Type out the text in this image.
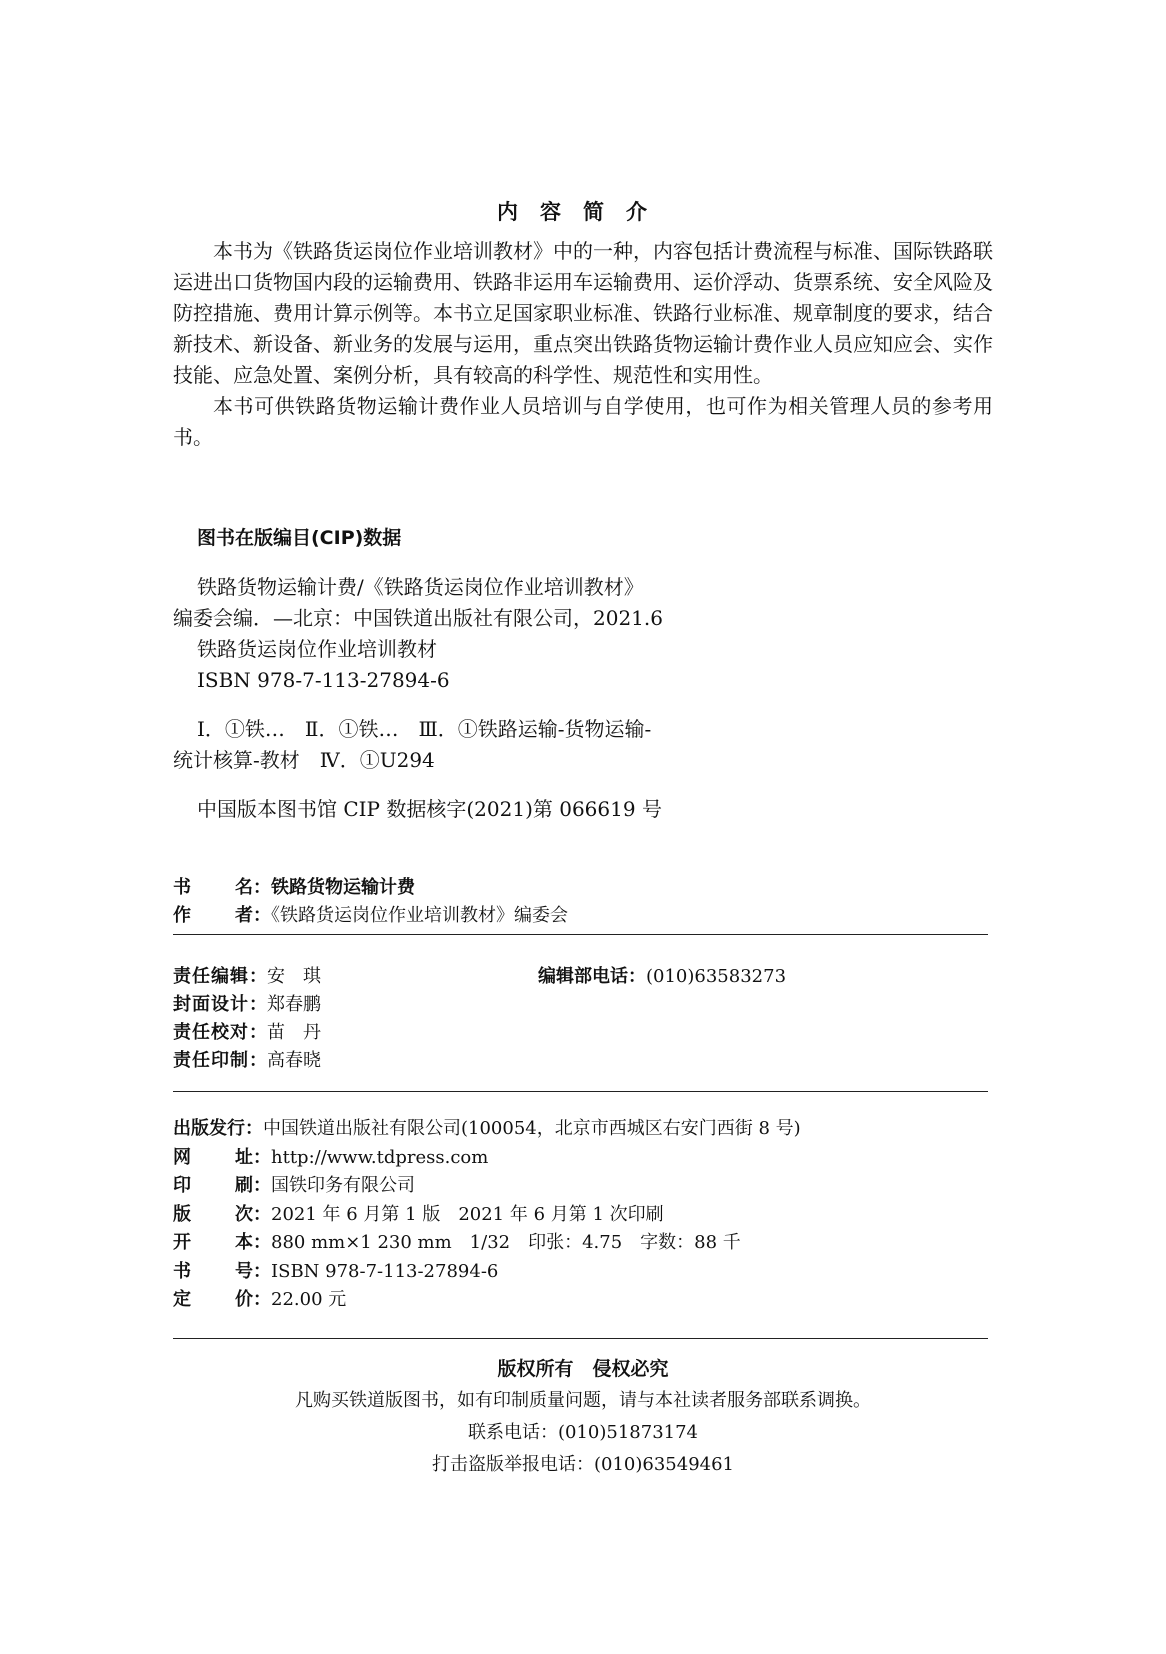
内容简介

本书为《铁路货运岗位作业培训教材》中的一种，内容包括计费流程与标准、国际铁路联运进出口货物国内段的运输费用、铁路非运用车运输费用、运价浮动、货票系统、安全风险及防控措施、费用计算示例等。本书立足国家职业标准、铁路行业标准、规章制度的要求，结合新技术、新设备、新业务的发展与运用，重点突出铁路货物运输计费作业人员应知应会、实作技能、应急处置、案例分析，具有较高的科学性、规范性和实用性。

本书可供铁路货物运输计费作业人员培训与自学使用，也可作为相关管理人员的参考用书。

图书在版编目(CIP)数据
铁路货物运输计费/《铁路货运岗位作业培训教材》
编委会编．—北京：中国铁道出版社有限公司，2021.6
铁路货运岗位作业培训教材
ISBN 978-7-113-27894-6
Ⅰ．①铁…　Ⅱ．①铁…　Ⅲ．①铁路运输-货物运输-
统计核算-教材　Ⅳ．①U294
中国版本图书馆 CIP 数据核字(2021)第 066619 号
书 名 ：铁路货物运输计费
作 者 ：《铁路货运岗位作业培训教材》编委会
责任编辑：安　琪
封面设计：郑春鹏
责任校对：苗　丹
责任印制：高春晓
编辑部电话：(010)63583273
出版发行：中国铁道出版社有限公司(100054，北京市西城区右安门西街 8 号)
网 址 ：http://www.tdpress.com
印 刷 ：国铁印务有限公司
版 次 ：2021 年 6 月第 1 版　2021 年 6 月第 1 次印刷
开 本 ：880 mm×1 230 mm　1/32　印张：4.75　字数：88 千
书 号 ：ISBN 978-7-113-27894-6
定 价 ：22.00 元
版权所有　侵权必究
凡购买铁道版图书，如有印制质量问题，请与本社读者服务部联系调换。
联系电话：(010)51873174
打击盗版举报电话：(010)63549461
